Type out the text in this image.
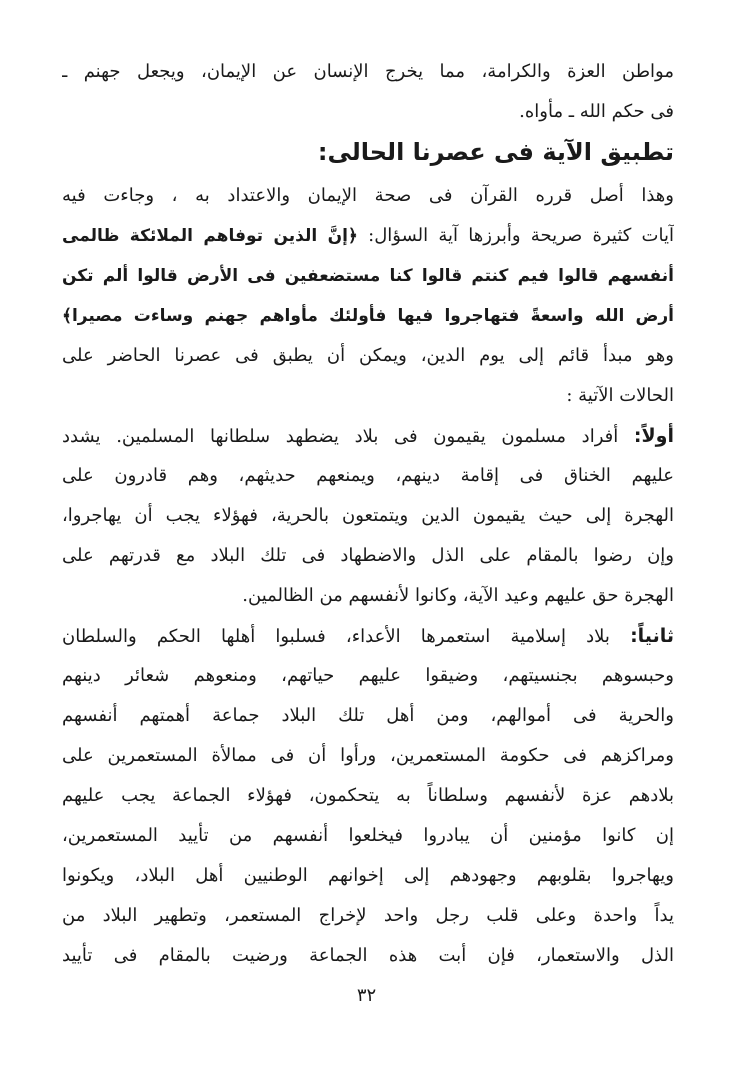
مواطن العزة والكرامة، مما يخرج الإنسان عن الإيمان، ويجعل جهنم ـ
فى حكم الله ـ مأواه.
تطبيق الآية فى عصرنا الحالى:
وهذا أصل قرره القرآن فى صحة الإيمان والاعتداد به ، وجاءت فيه
آيات كثيرة صريحة وأبرزها آية السؤال: ﴿إنَّ الذين توفاهم الملائكة ظالمى
أنفسهم قالوا فيم كنتم قالوا كنا مستضعفين فى الأرض قالوا ألم تكن
أرض الله واسعةً فتهاجروا فيها فأولئك مأواهم جهنم وساءت مصيرا﴾
وهو مبدأ قائم إلى يوم الدين، ويمكن أن يطبق فى عصرنا الحاضر على
الحالات الآتية :
أولاً: أفراد مسلمون يقيمون فى بلاد يضطهد سلطانها المسلمين. يشدد
عليهم الخناق فى إقامة دينهم، ويمنعهم حديثهم، وهم قادرون على
الهجرة إلى حيث يقيمون الدين ويتمتعون بالحرية، فهؤلاء يجب أن يهاجروا،
وإن رضوا بالمقام على الذل والاضطهاد فى تلك البلاد مع قدرتهم على
الهجرة حق عليهم وعيد الآية، وكانوا لأنفسهم من الظالمين.
ثانياً: بلاد إسلامية استعمرها الأعداء، فسلبوا أهلها الحكم والسلطان
وحبسوهم بجنسيتهم، وضيقوا عليهم حياتهم، ومنعوهم شعائر دينهم
والحرية فى أموالهم، ومن أهل تلك البلاد جماعة أهمتهم أنفسهم
ومراكزهم فى حكومة المستعمرين، ورأوا أن فى ممالأة المستعمرين على
بلادهم عزة لأنفسهم وسلطاناً به يتحكمون، فهؤلاء الجماعة يجب عليهم
إن كانوا مؤمنين أن يبادروا فيخلعوا أنفسهم من تأييد المستعمرين،
ويهاجروا بقلوبهم وجهودهم إلى إخوانهم الوطنيين أهل البلاد، ويكونوا
يداً واحدة وعلى قلب رجل واحد لإخراج المستعمر، وتطهير البلاد من
الذل والاستعمار، فإن أبت هذه الجماعة ورضيت بالمقام فى تأييد
٣٢
